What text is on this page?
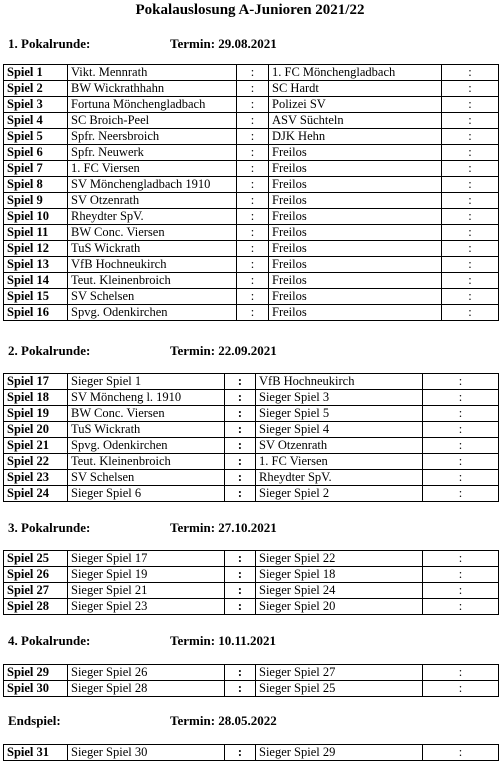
Pokalauslosung A-Junioren 2021/22
1. Pokalrunde:	Termin: 29.08.2021
Spiel 1	Vikt. Mennrath	:	1. FC Mönchengladbach	:
Spiel 2	BW Wickrathhahn	:	SC Hardt	:
Spiel 3	Fortuna Mönchengladbach	:	Polizei SV	:
Spiel 4	SC Broich-Peel	:	ASV Süchteln	:
Spiel 5	Spfr. Neersbroich	:	DJK Hehn	:
Spiel 6	Spfr. Neuwerk	:	Freilos	:
Spiel 7	1. FC Viersen	:	Freilos	:
Spiel 8	SV Mönchengladbach 1910	:	Freilos	:
Spiel 9	SV Otzenrath	:	Freilos	:
Spiel 10	Rheydter SpV.	:	Freilos	:
Spiel 11	BW Conc. Viersen	:	Freilos	:
Spiel 12	TuS Wickrath	:	Freilos	:
Spiel 13	VfB Hochneukirch	:	Freilos	:
Spiel 14	Teut. Kleinenbroich	:	Freilos	:
Spiel 15	SV Schelsen	:	Freilos	:
Spiel 16	Spvg. Odenkirchen	:	Freilos	:
2. Pokalrunde:	Termin: 22.09.2021
Spiel 17	Sieger Spiel 1	:	VfB Hochneukirch	:
Spiel 18	SV Möncheng l. 1910	:	Sieger Spiel 3	:
Spiel 19	BW Conc. Viersen	:	Sieger Spiel 5	:
Spiel 20	TuS Wickrath	:	Sieger Spiel 4	:
Spiel 21	Spvg. Odenkirchen	:	SV Otzenrath	:
Spiel 22	Teut. Kleinenbroich	:	1. FC Viersen	:
Spiel 23	SV Schelsen	:	Rheydter SpV.	:
Spiel 24	Sieger Spiel 6	:	Sieger Spiel 2	:
3. Pokalrunde:	Termin: 27.10.2021
Spiel 25	Sieger Spiel 17	:	Sieger Spiel 22	:
Spiel 26	Sieger Spiel 19	:	Sieger Spiel 18	:
Spiel 27	Sieger Spiel 21	:	Sieger Spiel 24	:
Spiel 28	Sieger Spiel 23	:	Sieger Spiel 20	:
4. Pokalrunde:	Termin: 10.11.2021
Spiel 29	Sieger Spiel 26	:	Sieger Spiel 27	:
Spiel 30	Sieger Spiel 28	:	Sieger Spiel 25	:
Endspiel:	Termin: 28.05.2022
Spiel 31	Sieger Spiel 30	:	Sieger Spiel 29	:
